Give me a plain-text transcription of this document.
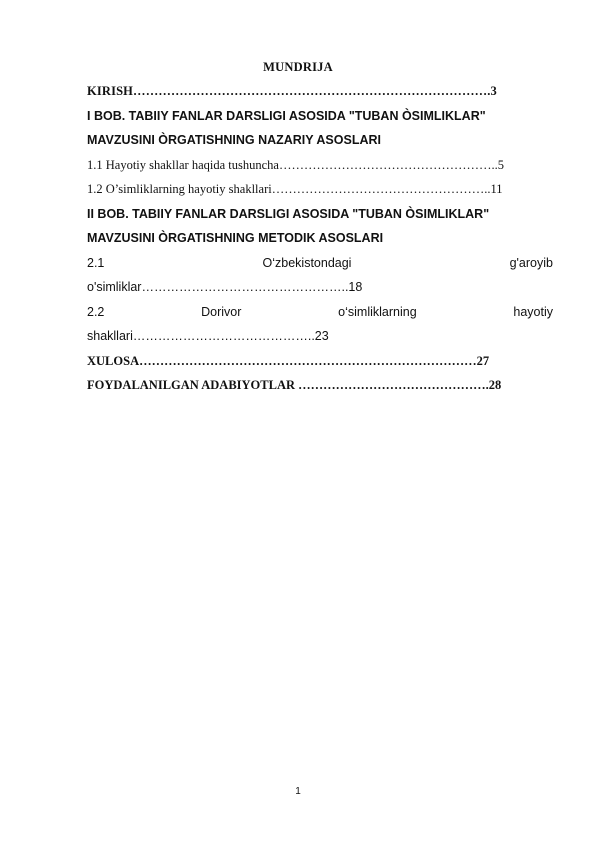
MUNDRIJA
KIRISH………………………………………………………………………….3
I BOB. TABIIY FANLAR DARSLIGI ASOSIDA "TUBAN ÒSIMLIKLAR"
MAVZUSINI ÒRGATISHNING NAZARIY ASOSLARI
1.1 Hayotiy shakllar haqida tushuncha……………………………………………..5
1.2 O’simliklarning hayotiy shakllari……………………………………………..11
II BOB. TABIIY FANLAR DARSLIGI ASOSIDA "TUBAN ÒSIMLIKLAR"
MAVZUSINI ÒRGATISHNING METODIK ASOSLARI
2.1	O‘zbekistondagi	g'aroyib
o'simliklar…………………………………………..18
2.2	Dorivor	o‘simliklarning	hayotiy
shakllari……………………………………..23
XULOSA………………………………………………………………………27
FOYDALANILGAN ADABIYOTLAR ……………………………………….28
1
